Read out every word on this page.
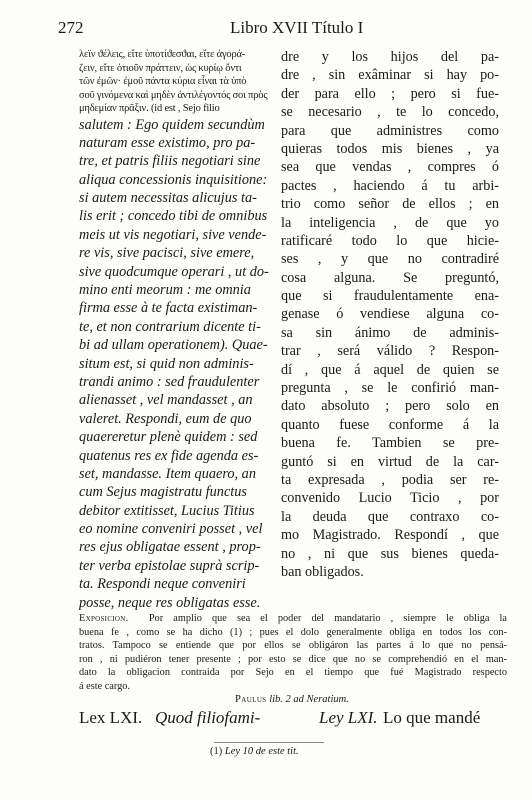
272	Libro XVII Título I
λεϊν ϑέλεις, εἴτε ὑποτίϑεσϑαι, εἴτε ἀγορά-
ζειν, εἴτε ὁτιοῦν πράττειν, ὡς κυρίῳ ὄντι
τῶν ἐμῶν· ἐμοῦ πάντα κύρια εἶναι τὰ ὑπὸ
σοῦ γινόμενα καὶ μηδὲν ἀντιλέγοντός σοι πρὸς
μηδεμίαν πρᾶξιν. (id est , Sejo filio
salutem : Ego quidem secundùm
naturam esse existimo, pro pa-
tre, et patris filiis negotiari sine
aliqua concessionis inquisitione:
si autem necessitas alicujus ta-
lis erit ; concedo tibi de omnibus
meis ut vis negotiari, sive vende-
re vis, sive pacisci, sive emere,
sive quodcumque operari , ut do-
mino enti meorum : me omnia
firma esse à te facta existiman-
te, et non contrarium dicente ti-
bi ad ullam operationem). Quae-
situm est, si quid non adminis-
trandi animo : sed fraudulenter
alienasset , vel mandasset , an
valeret. Respondi, eum de quo
quaereretur plenè quidem : sed
quatenus res ex fide agenda es-
set, mandasse. Item quaero, an
cum Sejus magistratu functus
debitor extitisset, Lucius Titius
eo nomine conveniri posset , vel
res ejus obligatae essent , prop-
ter verba epistolae suprà scrip-
ta. Respondi neque conveniri
posse, neque res obligatas esse.
dre y los hijos del pa-
dre , sin exâminar si hay po-
der para ello ; pero si fue-
se necesario , te lo concedo,
para que administres como
quieras todos mis bienes , ya
sea que vendas , compres ó
pactes , haciendo á tu arbi-
trio como señor de ellos ; en
la inteligencia , de que yo
ratificaré todo lo que hicie-
ses , y que no contradiré
cosa alguna. Se preguntó,
que si fraudulentamente ena-
genase ó vendiese alguna co-
sa sin ánimo de adminis-
trar , será válido ? Respon-
dí , que á aquel de quien se
pregunta , se le confirió man-
dato absoluto ; pero solo en
quanto fuese conforme á la
buena fe. Tambien se pre-
guntó si en virtud de la car-
ta expresada , podia ser re-
convenido Lucio Ticio , por
la deuda que contraxo co-
mo Magistrado. Respondí , que
no , ni que sus bienes queda-
ban obligados.
Exposicion. Por amplio que sea el poder del mandatario , siempre le obliga la
buena fe , como se ha dicho (1) ; pues el dolo generalmente obliga en todos los con-
tratos. Tampoco se entiende que por ellos se obligáron las partes á lo que no pensá-
ron , ni pudiéron tener presente ; por esto se dice que no se comprehendió en el man-
dato la obligacion contraida por Sejo en el tiempo que fué Magistrado respecto
á este cargo.
Paulus lib. 2 ad Neratium.
Lex LXI. Quod filiofami-	Ley LXI. Lo que mandé
(1) Ley 10 de este tit.
